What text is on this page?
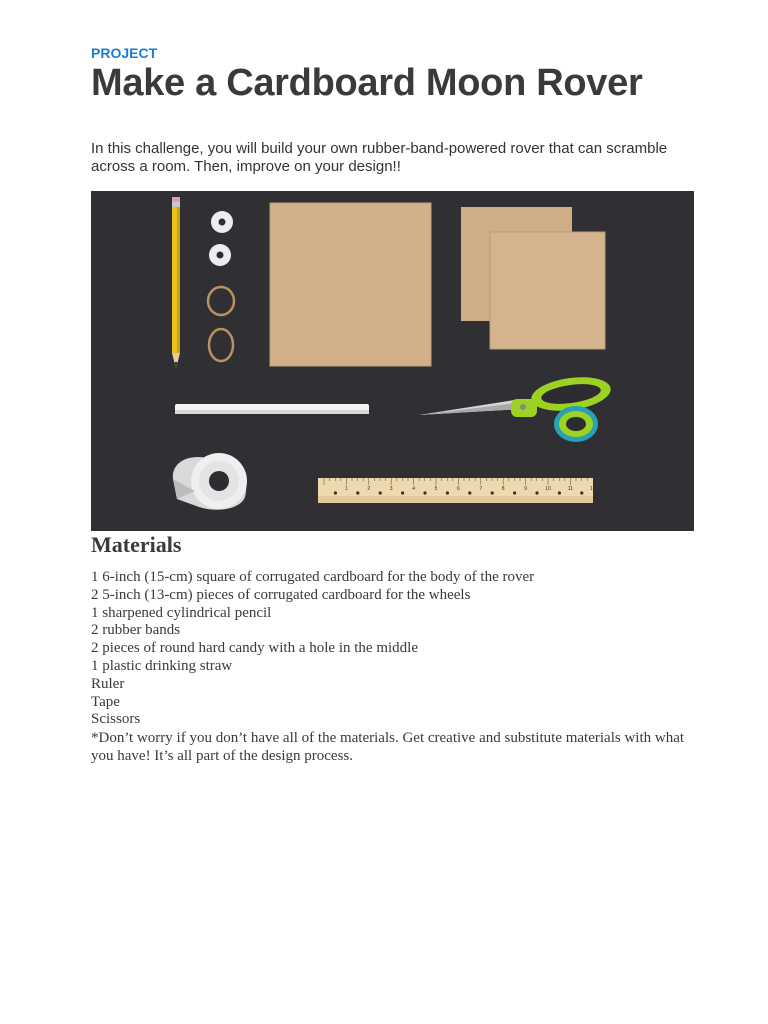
PROJECT
Make a Cardboard Moon Rover

In this challenge, you will build your own rubber-band-powered rover that can scramble across a room. Then, improve on your design!!

1	2	3	4	5	6	7	8	9	10	11	12
Materials
1 6-inch (15-cm) square of corrugated cardboard for the body of the rover
2 5-inch (13-cm) pieces of corrugated cardboard for the wheels
1 sharpened cylindrical pencil
2 rubber bands
2 pieces of round hard candy with a hole in the middle
1 plastic drinking straw
Ruler
Tape
Scissors

*Don’t worry if you don’t have all of the materials. Get creative and substitute materials with what you have! It’s all part of the design process.
